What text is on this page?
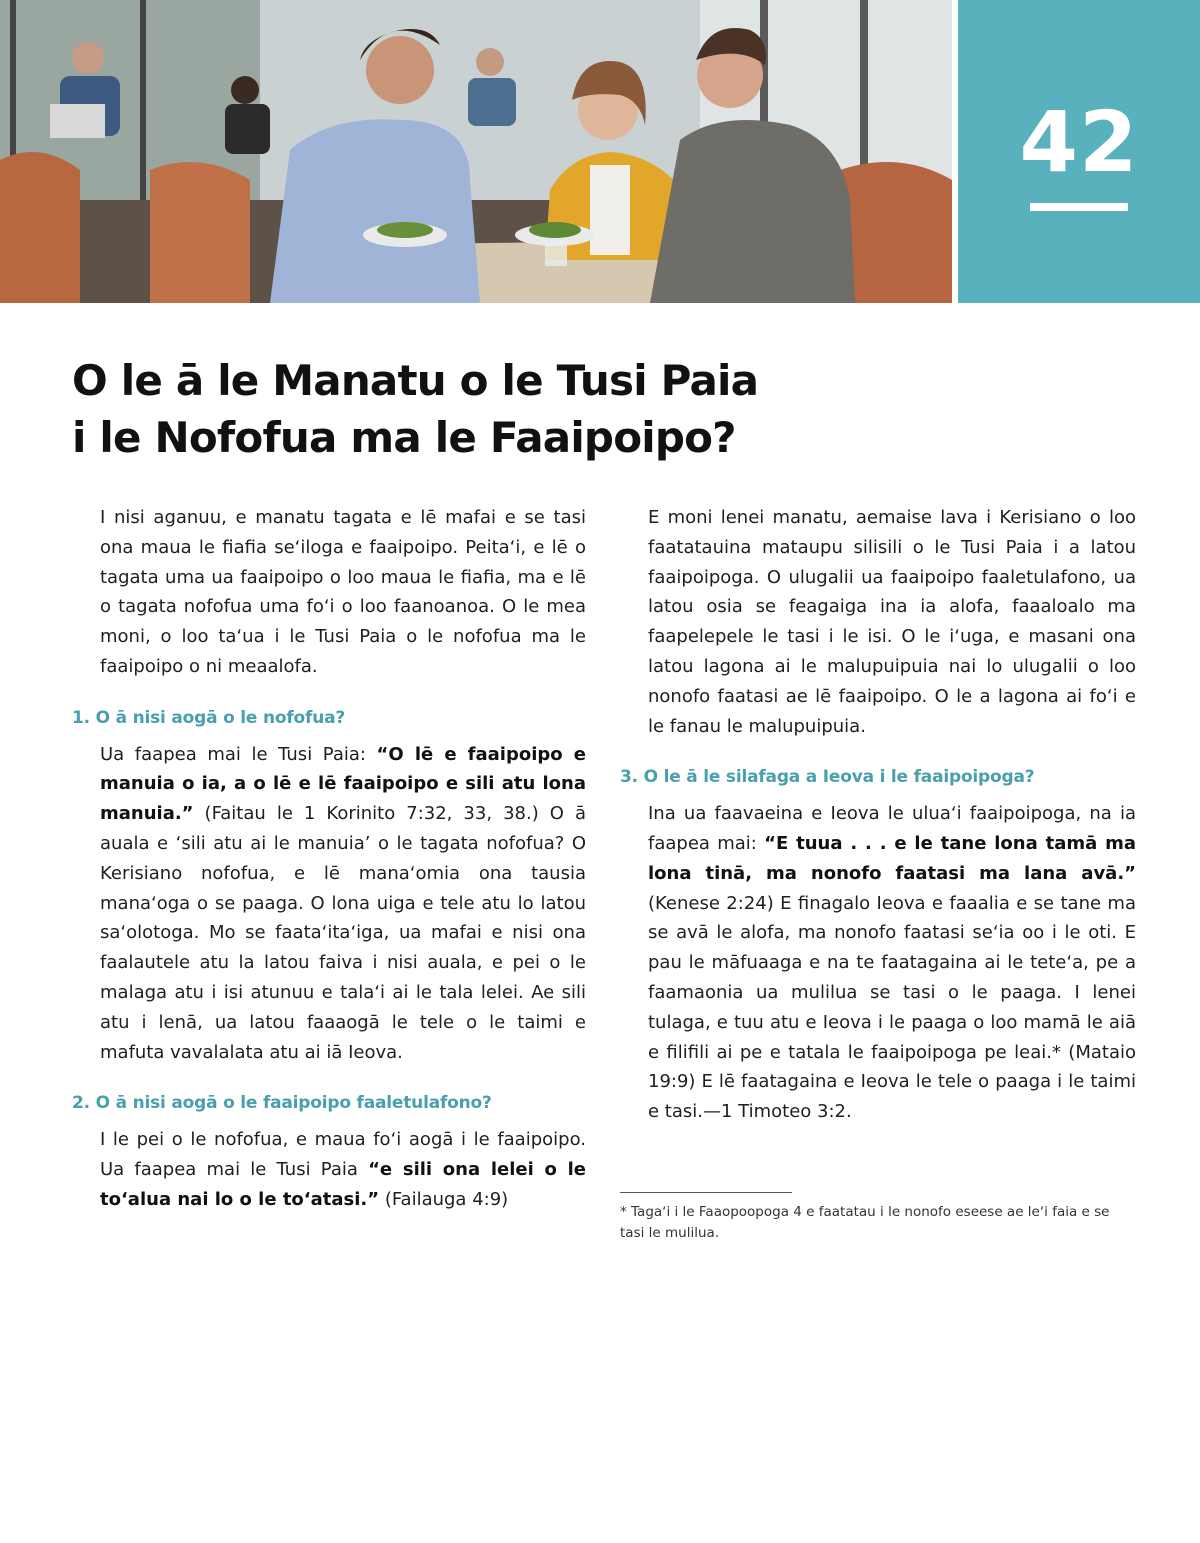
42
O le ā le Manatu o le Tusi Paia
i le Nofofua ma le Faaipoipo?

I nisi aganuu, e manatu tagata e lē mafai e se tasi ona maua le fiafia seʻiloga e faaipoipo. Peitaʻi, e lē o tagata uma ua faaipoipo o loo maua le fiafia, ma e lē o tagata nofofua uma foʻi o loo faanoanoa. O le mea moni, o loo taʻua i le Tusi Paia o le nofofua ma le faaipoipo o ni meaalofa.

1. O ā nisi aogā o le nofofua?

Ua faapea mai le Tusi Paia: “O lē e faaipoipo e manuia o ia, a o lē e lē faaipoipo e sili atu lona manuia.” (Faitau le 1 Korinito 7:32, 33, 38.) O ā auala e ‘sili atu ai le manuia’ o le tagata nofofua? O Kerisiano nofofua, e lē manaʻomia ona tausia manaʻoga o se paaga. O lona uiga e tele atu lo latou saʻolotoga. Mo se faataʻitaʻiga, ua mafai e nisi ona faalautele atu la latou faiva i nisi auala, e pei o le malaga atu i isi atunuu e talaʻi ai le tala lelei. Ae sili atu i lenā, ua latou faaaogā le tele o le taimi e mafuta vavalalata atu ai iā Ieova.

2. O ā nisi aogā o le faaipoipo faaletulafono?

I le pei o le nofofua, e maua foʻi aogā i le faaipoipo. Ua faapea mai le Tusi Paia “e sili ona lelei o le toʻalua nai lo o le toʻatasi.” (Failauga 4:9)

E moni lenei manatu, aemaise lava i Kerisiano o loo faatatauina mataupu silisili o le Tusi Paia i a latou faaipoipoga. O ulugalii ua faaipoipo faaletulafono, ua latou osia se feagaiga ina ia alofa, faaaloalo ma faapelepele le tasi i le isi. O le iʻuga, e masani ona latou lagona ai le malupuipuia nai lo ulugalii o loo nonofo faatasi ae lē faaipoipo. O le a lagona ai foʻi e le fanau le malupuipuia.

3. O le ā le silafaga a Ieova i le faaipoipoga?

Ina ua faavaeina e Ieova le uluaʻi faaipoipoga, na ia faapea mai: “E tuua . . . e le tane lona tamā ma lona tinā, ma nonofo faatasi ma lana avā.” (Kenese 2:24) E finagalo Ieova e faaalia e se tane ma se avā le alofa, ma nonofo faatasi seʻia oo i le oti. E pau le māfuaaga e na te faatagaina ai le teteʻa, pe a faamaonia ua mulilua se tasi o le paaga. I lenei tulaga, e tuu atu e Ieova i le paaga o loo mamā le aiā e filifili ai pe e tatala le faaipoipoga pe leai.* (Mataio 19:9) E lē faatagaina e Ieova le tele o paaga i le taimi e tasi.—1 Timoteo 3:2.

* Tagaʻi i le Faaopoopoga 4 e faatatau i le nonofo eseese ae leʻi faia e se tasi le mulilua.
